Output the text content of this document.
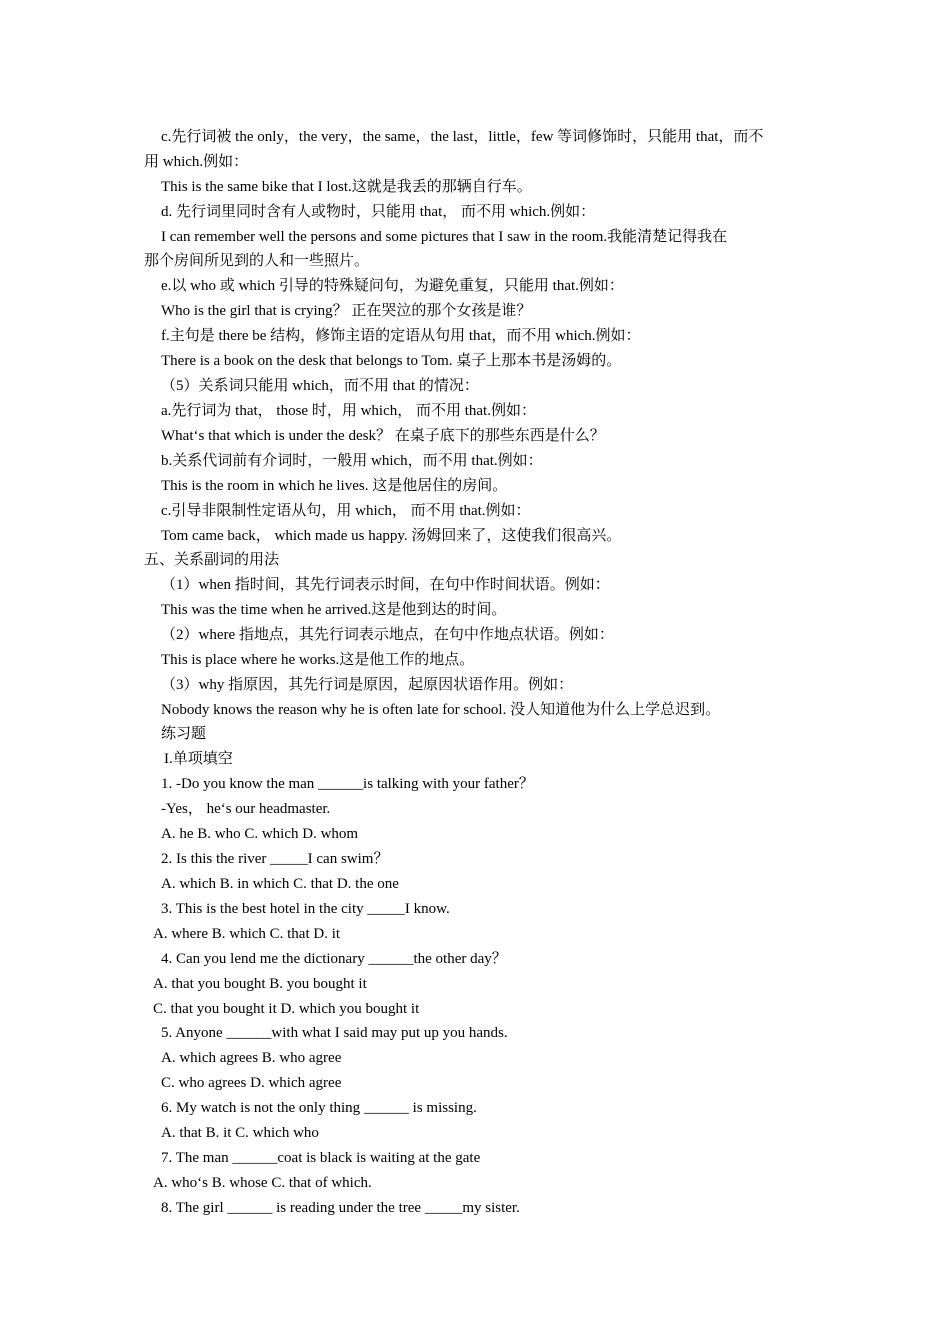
c.先行词被 the only，the very，the same，the last，little，few 等词修饰时，只能用 that，而不
用 which.例如：
This is the same bike that I lost.这就是我丢的那辆自行车。
d. 先行词里同时含有人或物时，只能用 that， 而不用 which.例如：
I can remember well the persons and some pictures that I saw in the room.我能清楚记得我在
那个房间所见到的人和一些照片。
e.以 who 或 which 引导的特殊疑问句，为避免重复，只能用 that.例如：
Who is the girl that is crying？ 正在哭泣的那个女孩是谁？
f.主句是 there be 结构，修饰主语的定语从句用 that，而不用 which.例如：
There is a book on the desk that belongs to Tom. 桌子上那本书是汤姆的。
（5）关系词只能用 which，而不用 that 的情况：
a.先行词为 that， those 时，用 which， 而不用 that.例如：
What‘s that which is under the desk？ 在桌子底下的那些东西是什么？
b.关系代词前有介词时，一般用 which，而不用 that.例如：
This is the room in which he lives. 这是他居住的房间。
c.引导非限制性定语从句，用 which， 而不用 that.例如：
Tom came back， which made us happy. 汤姆回来了，这使我们很高兴。
五、关系副词的用法
（1）when 指时间，其先行词表示时间，在句中作时间状语。例如：
This was the time when he arrived.这是他到达的时间。
（2）where 指地点，其先行词表示地点，在句中作地点状语。例如：
This is place where he works.这是他工作的地点。
（3）why 指原因，其先行词是原因，起原因状语作用。例如：
Nobody knows the reason why he is often late for school. 没人知道他为什么上学总迟到。
练习题
I.单项填空
1. -Do you know the man ______is talking with your father？
-Yes， he‘s our headmaster.
A. he B. who C. which D. whom
2. Is this the river _____I can swim？
A. which B. in which C. that D. the one
3. This is the best hotel in the city _____I know.
A. where B. which C. that D. it
4. Can you lend me the dictionary ______the other day？
A. that you bought B. you bought it
C. that you bought it D. which you bought it
5. Anyone ______with what I said may put up you hands.
A. which agrees B. who agree
C. who agrees D. which agree
6. My watch is not the only thing ______ is missing.
A. that B. it C. which who
7. The man ______coat is black is waiting at the gate
A. who‘s B. whose C. that of which.
8. The girl ______ is reading under the tree _____my sister.
